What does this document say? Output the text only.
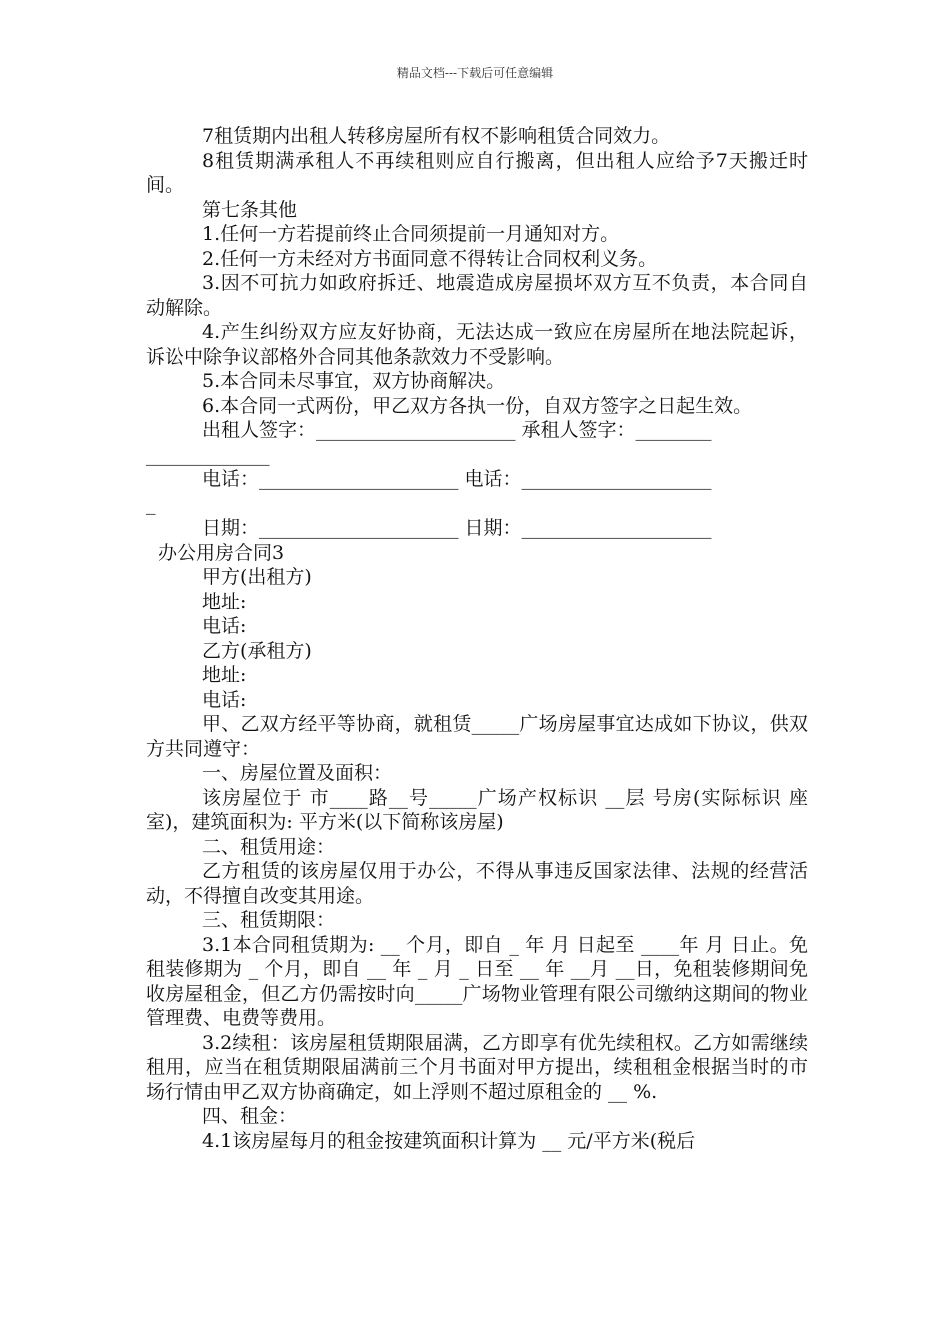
精品文档---下载后可任意编辑

7租赁期内出租人转移房屋所有权不影响租赁合同效力。

8租赁期满承租人不再续租则应自行搬离，但出租人应给予7天搬迁时间。

第七条其他

1.任何一方若提前终止合同须提前一月通知对方。

2.任何一方未经对方书面同意不得转让合同权利义务。

3.因不可抗力如政府拆迁、地震造成房屋损坏双方互不负责，本合同自动解除。

4.产生纠纷双方应友好协商，无法达成一致应在房屋所在地法院起诉，诉讼中除争议部格外合同其他条款效力不受影响。

5.本合同未尽事宜，双方协商解决。

6.本合同一式两份，甲乙双方各执一份，自双方签字之日起生效。

出租人签字：_____________________ 承租人签字：________

_____________

电话：_____________________ 电话：____________________

_

日期：_____________________ 日期：____________________

办公用房合同3

甲方(出租方)

地址:

电话:

乙方(承租方)

地址:

电话:

甲、乙双方经平等协商，就租赁_____广场房屋事宜达成如下协议，供双方共同遵守：

一、房屋位置及面积：

该房屋位于 市____路__号_____广场产权标识 __层 号房(实际标识 座 室)，建筑面积为: 平方米(以下简称该房屋)

二、租赁用途：

乙方租赁的该房屋仅用于办公，不得从事违反国家法律、法规的经营活动，不得擅自改变其用途。

三、租赁期限：

3.1本合同租赁期为: __ 个月，即自 _ 年 月 日起至 ____年 月 日止。免租装修期为 _ 个月，即自 __ 年 _ 月 _ 日至 __ 年 __月 __日，免租装修期间免收房屋租金，但乙方仍需按时向_____广场物业管理有限公司缴纳这期间的物业管理费、电费等费用。

3.2续租：该房屋租赁期限届满，乙方即享有优先续租权。乙方如需继续租用，应当在租赁期限届满前三个月书面对甲方提出，续租租金根据当时的市场行情由甲乙双方协商确定，如上浮则不超过原租金的 __ %.

四、租金：

4.1该房屋每月的租金按建筑面积计算为 __ 元/平方米(税后
